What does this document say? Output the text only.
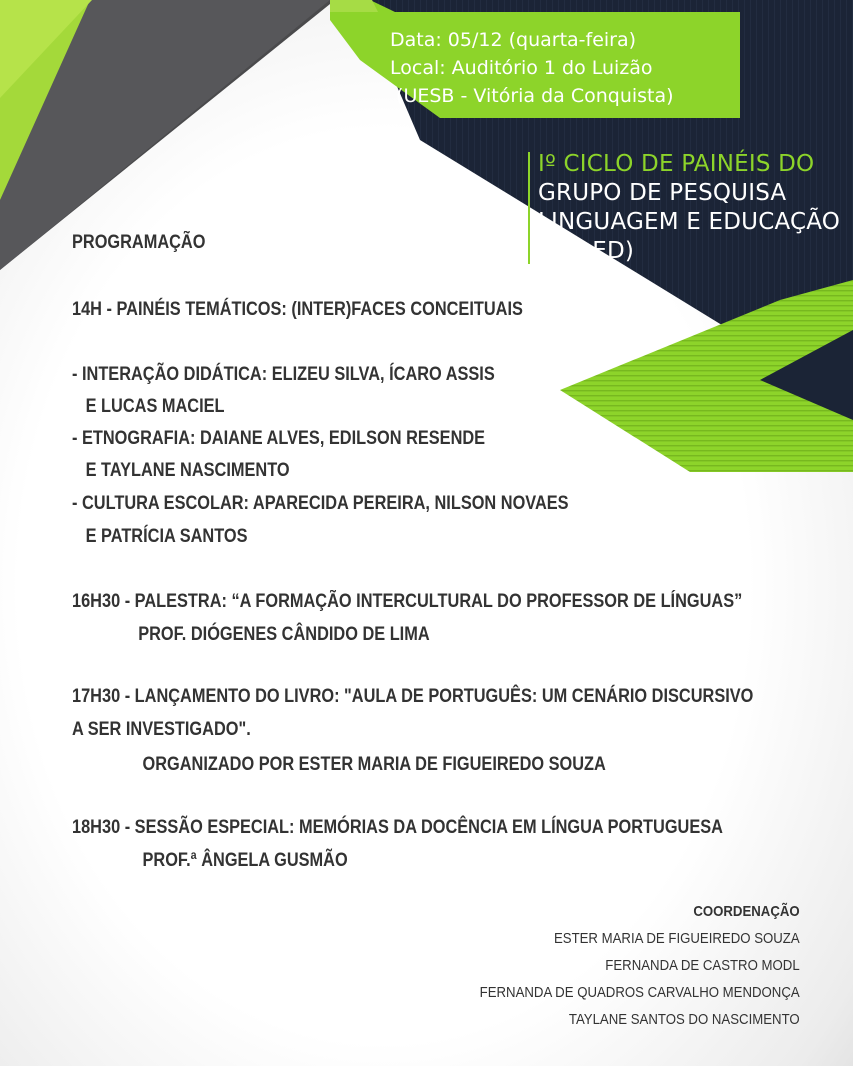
Data: 05/12 (quarta-feira)
Local: Auditório 1 do Luizão
(UESB - Vitória da Conquista)
Iº CICLO DE PAINÉIS DO
GRUPO DE PESQUISA
LINGUAGEM E EDUCAÇÃO
(GPLED)
PROGRAMAÇÃO
14H - PAINÉIS TEMÁTICOS: (INTER)FACES CONCEITUAIS
- INTERAÇÃO DIDÁTICA: ELIZEU SILVA, ÍCARO ASSIS
E LUCAS MACIEL
- ETNOGRAFIA: DAIANE ALVES, EDILSON RESENDE
E TAYLANE NASCIMENTO
- CULTURA ESCOLAR: APARECIDA PEREIRA, NILSON NOVAES
E PATRÍCIA SANTOS
16H30 - PALESTRA: “A FORMAÇÃO INTERCULTURAL DO PROFESSOR DE LÍNGUAS”
PROF. DIÓGENES CÂNDIDO DE LIMA
17H30 - LANÇAMENTO DO LIVRO: "AULA DE PORTUGUÊS: UM CENÁRIO DISCURSIVO
A SER INVESTIGADO".
ORGANIZADO POR ESTER MARIA DE FIGUEIREDO SOUZA
18H30 - SESSÃO ESPECIAL: MEMÓRIAS DA DOCÊNCIA EM LÍNGUA PORTUGUESA
PROF.ª ÂNGELA GUSMÃO
COORDENAÇÃO
ESTER MARIA DE FIGUEIREDO SOUZA
FERNANDA DE CASTRO MODL
FERNANDA DE QUADROS CARVALHO MENDONÇA
TAYLANE SANTOS DO NASCIMENTO
